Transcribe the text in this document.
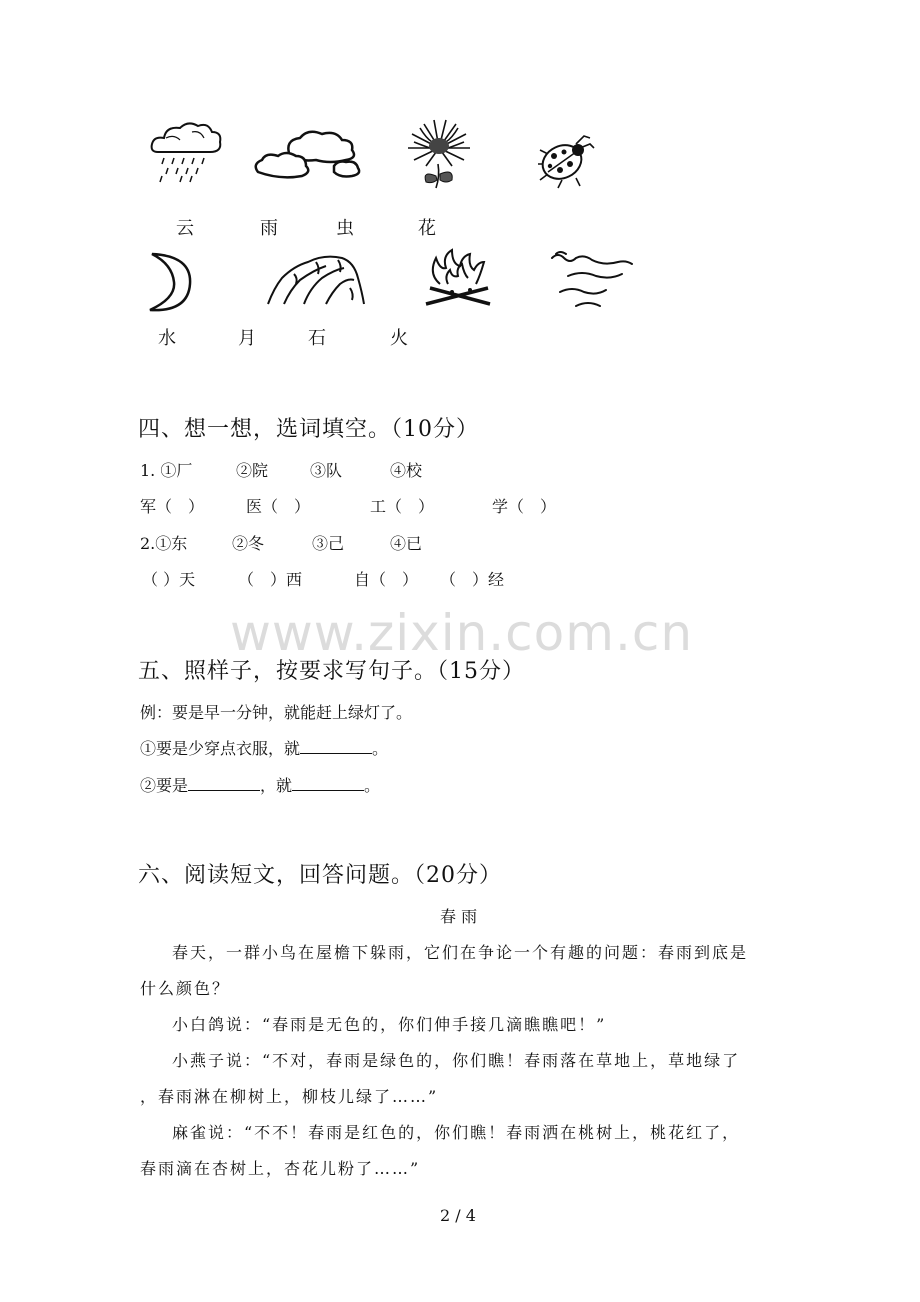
云	雨	虫	花
水	月	石	火
四、想一想，选词填空。（10分）
1. ①厂	②院	③队	④校
军（　）	医（　）	工（　）	学（　）
2.①东	②冬	③己	④已
（ ）天	（　）西	自（　） （　）经
www.zixin.com.cn
五、照样子，按要求写句子。（15分）
例：要是早一分钟，就能赶上绿灯了。
①要是少穿点衣服，就	。
②要是	，就	。
六、阅读短文，回答问题。（20分）
春 雨
春天，一群小鸟在屋檐下躲雨，它们在争论一个有趣的问题：春雨到底是
什么颜色？
小白鸽说：“春雨是无色的，你们伸手接几滴瞧瞧吧！”
小燕子说：“不对，春雨是绿色的，你们瞧！春雨落在草地上，草地绿了
，春雨淋在柳树上，柳枝儿绿了……”
麻雀说：“不不！春雨是红色的，你们瞧！春雨洒在桃树上，桃花红了，
春雨滴在杏树上，杏花儿粉了……”
2 / 4
